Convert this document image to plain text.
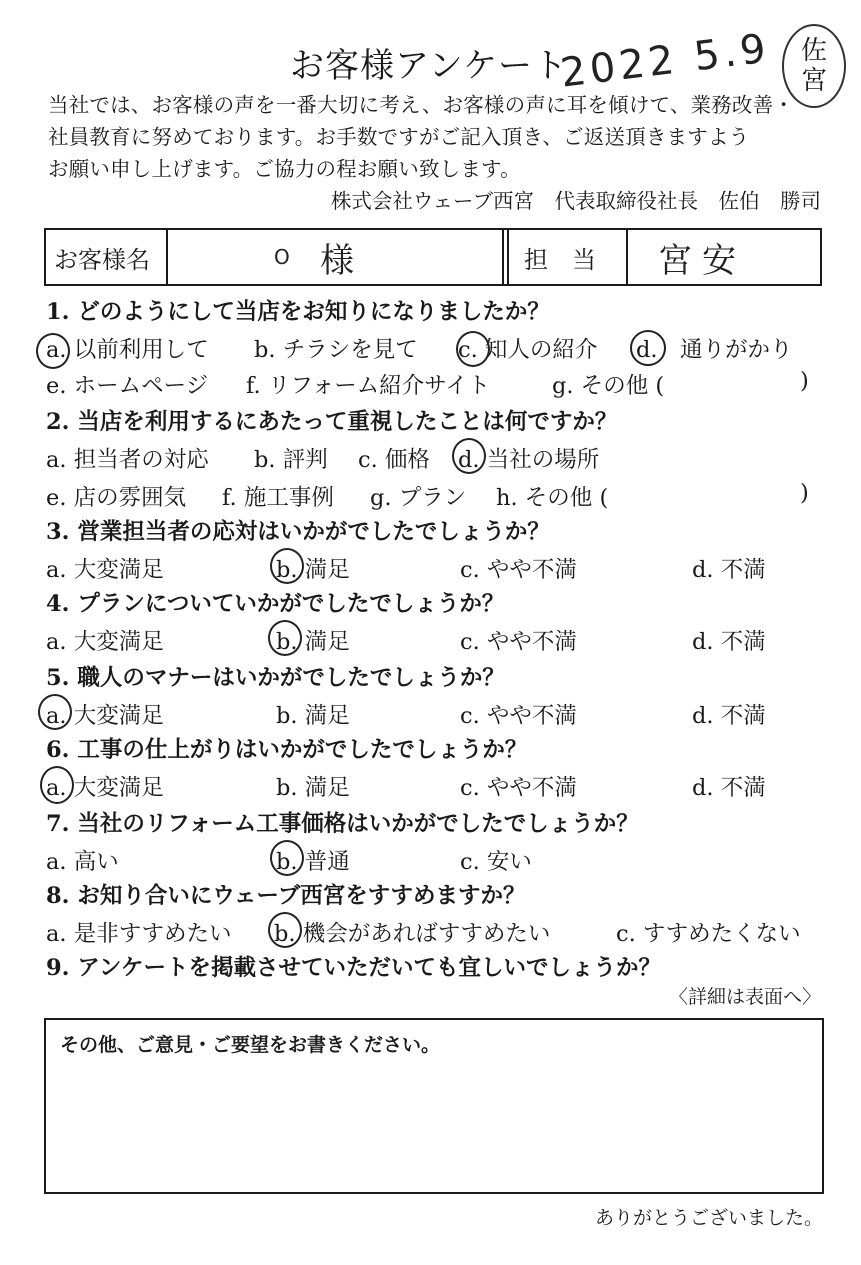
お客様アンケート
2022 5.9 佐
宮
当社では、お客様の声を一番大切に考え、お客様の声に耳を傾けて、業務改善・
社員教育に努めております。お手数ですがご記入頂き、ご返送頂きますよう
お願い申し上げます。ご協力の程お願い致します。
株式会社ウェーブ西宮　代表取締役社長　佐伯　勝司
お客様名	O 様	担　当 宮安
1. どのようにして当店をお知りになりましたか？
a. 以前利用して b. チラシを見て c. 知人の紹介 d.　通りがかり
e. ホームページ f. リフォーム紹介サイト	g. その他 (	)
2. 当店を利用するにあたって重視したことは何ですか？
a. 担当者の対応 b. 評判 c. 価格 d. 当社の場所
e. 店の雰囲気 f. 施工事例 g. プラン h. その他 (	)
3. 営業担当者の応対はいかがでしたでしょうか？
a. 大変満足	b. 満足	c. やや不満	d. 不満
4. プランについていかがでしたでしょうか？
a. 大変満足	b. 満足	c. やや不満	d. 不満
5. 職人のマナーはいかがでしたでしょうか？
a. 大変満足	b. 満足	c. やや不満	d. 不満
6. 工事の仕上がりはいかがでしたでしょうか？
a. 大変満足	b. 満足	c. やや不満	d. 不満
7. 当社のリフォーム工事価格はいかがでしたでしょうか？
a. 高い	b. 普通	c. 安い
8. お知り合いにウェーブ西宮をすすめますか？
a. 是非すすめたい b. 機会があればすすめたい	c. すすめたくない
9. アンケートを掲載させていただいても宜しいでしょうか？
〈詳細は表面へ〉
その他、ご意見・ご要望をお書きください。
ありがとうございました。
